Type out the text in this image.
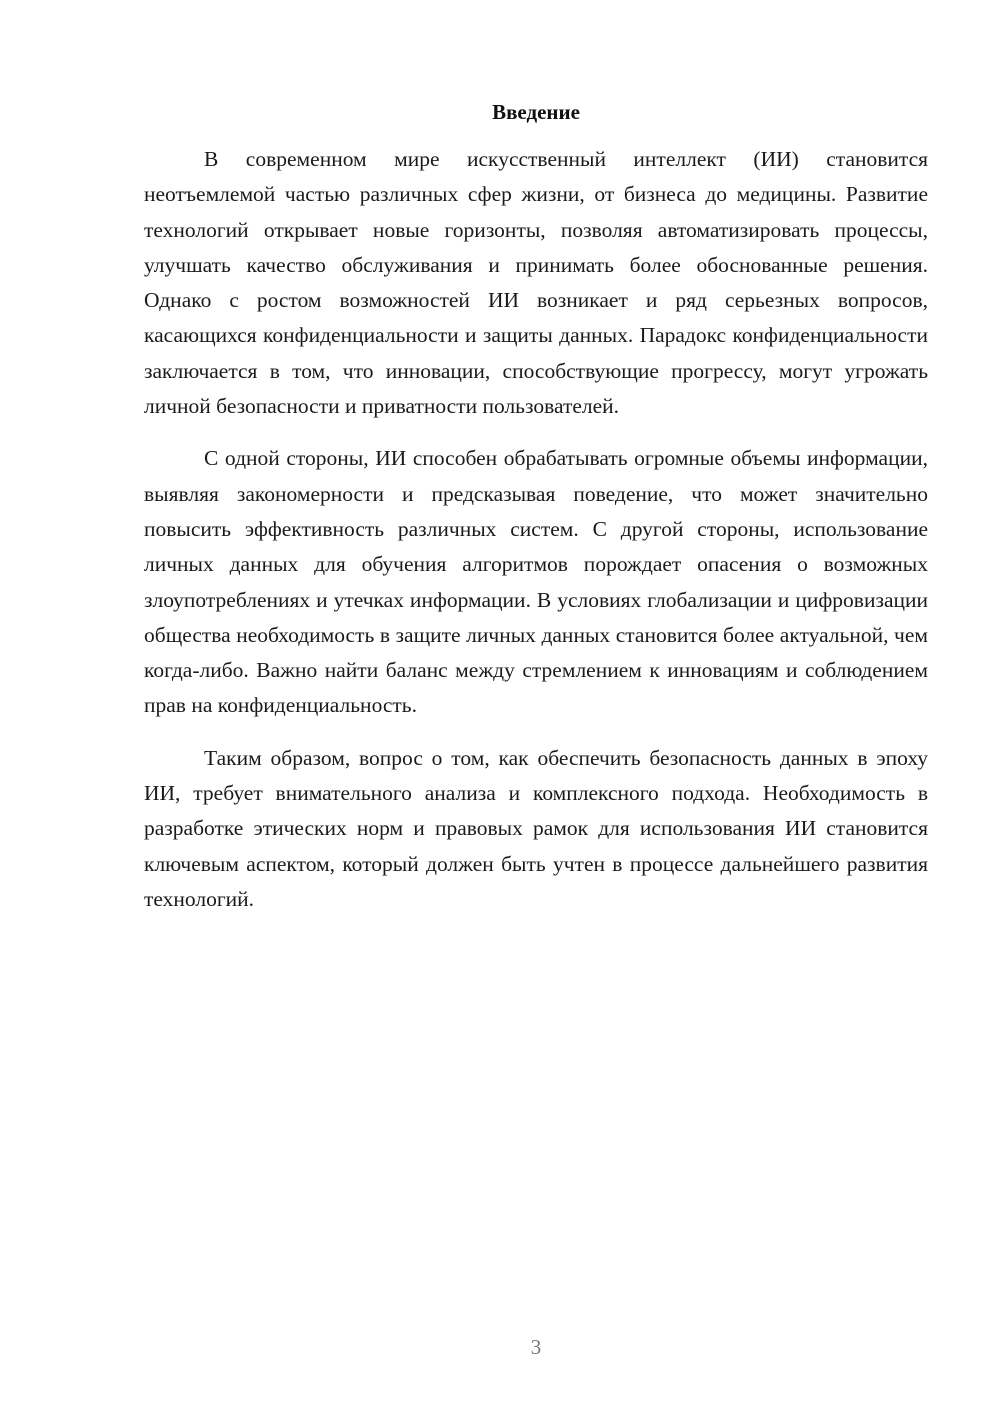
Введение

В современном мире искусственный интеллект (ИИ) становится неотъемлемой частью различных сфер жизни, от бизнеса до медицины. Развитие технологий открывает новые горизонты, позволяя автоматизировать процессы, улучшать качество обслуживания и принимать более обоснованные решения. Однако с ростом возможностей ИИ возникает и ряд серьезных вопросов, касающихся конфиденциальности и защиты данных. Парадокс конфиденциальности заключается в том, что инновации, способствующие прогрессу, могут угрожать личной безопасности и приватности пользователей.

С одной стороны, ИИ способен обрабатывать огромные объемы информации, выявляя закономерности и предсказывая поведение, что может значительно повысить эффективность различных систем. С другой стороны, использование личных данных для обучения алгоритмов порождает опасения о возможных злоупотреблениях и утечках информации. В условиях глобализации и цифровизации общества необходимость в защите личных данных становится более актуальной, чем когда-либо. Важно найти баланс между стремлением к инновациям и соблюдением прав на конфиденциальность.

Таким образом, вопрос о том, как обеспечить безопасность данных в эпоху ИИ, требует внимательного анализа и комплексного подхода. Необходимость в разработке этических норм и правовых рамок для использования ИИ становится ключевым аспектом, который должен быть учтен в процессе дальнейшего развития технологий.

3
